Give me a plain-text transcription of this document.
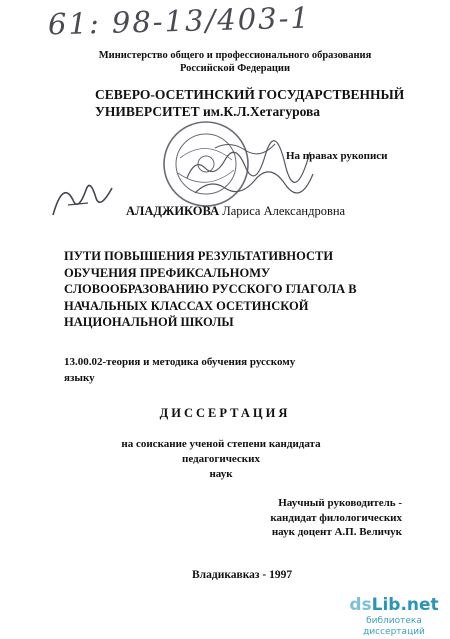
61: 98-13/403-1
Министерство общего и профессионального образования
Российской Федерации
СЕВЕРО-ОСЕТИНСКИЙ ГОСУДАРСТВЕННЫЙ
УНИВЕРСИТЕТ им.К.Л.Хетагурова
На правах рукописи
АЛАДЖИКОВА Лариса Александровна
ПУТИ ПОВЫШЕНИЯ РЕЗУЛЬТАТИВНОСТИ
ОБУЧЕНИЯ ПРЕФИКСАЛЬНОМУ
СЛОВООБРАЗОВАНИЮ РУССКОГО ГЛАГОЛА В
НАЧАЛЬНЫХ КЛАССАХ ОСЕТИНСКОЙ
НАЦИОНАЛЬНОЙ ШКОЛЫ
13.00.02-теория и методика обучения русскому
языку
ДИССЕРТАЦИЯ
на соискание ученой степени кандидата педагогических
наук
Научный руководитель -
кандидат филологических
наук доцент А.П. Величук
Владикавказ - 1997
dsLib.net
библиотека диссертаций
